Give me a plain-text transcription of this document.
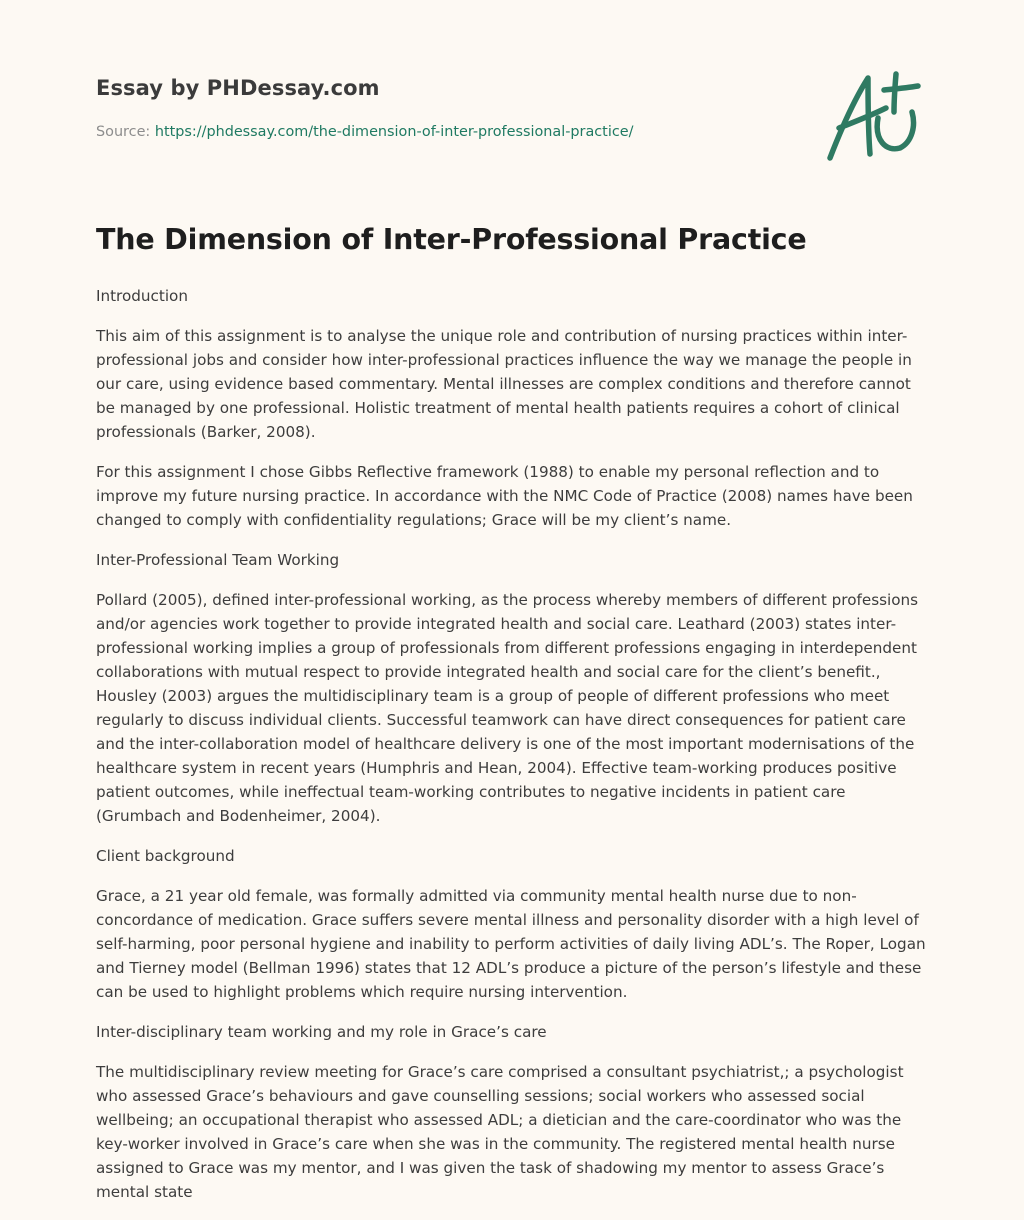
Essay by PHDessay.com
Source: https://phdessay.com/the-dimension-of-inter-professional-practice/
The Dimension of Inter-Professional Practice

Introduction

This aim of this assignment is to analyse the unique role and contribution of nursing practices within inter-professional jobs and consider how inter-professional practices influence the way we manage the people in our care, using evidence based commentary. Mental illnesses are complex conditions and therefore cannot be managed by one professional. Holistic treatment of mental health patients requires a cohort of clinical professionals (Barker, 2008).

For this assignment I chose Gibbs Reflective framework (1988) to enable my personal reflection and to improve my future nursing practice. In accordance with the NMC Code of Practice (2008) names have been changed to comply with confidentiality regulations; Grace will be my client’s name.

Inter-Professional Team Working

Pollard (2005), defined inter-professional working, as the process whereby members of different professions and/or agencies work together to provide integrated health and social care. Leathard (2003) states inter-professional working implies a group of professionals from different professions engaging in interdependent collaborations with mutual respect to provide integrated health and social care for the client’s benefit., Housley (2003) argues the multidisciplinary team is a group of people of different professions who meet regularly to discuss individual clients. Successful teamwork can have direct consequences for patient care and the inter-collaboration model of healthcare delivery is one of the most important modernisations of the healthcare system in recent years (Humphris and Hean, 2004). Effective team-working produces positive patient outcomes, while ineffectual team-working contributes to negative incidents in patient care (Grumbach and Bodenheimer, 2004).

Client background

Grace, a 21 year old female, was formally admitted via community mental health nurse due to non-concordance of medication. Grace suffers severe mental illness and personality disorder with a high level of self-harming, poor personal hygiene and inability to perform activities of daily living ADL’s. The Roper, Logan and Tierney model (Bellman 1996) states that 12 ADL’s produce a picture of the person’s lifestyle and these can be used to highlight problems which require nursing intervention.

Inter-disciplinary team working and my role in Grace’s care

The multidisciplinary review meeting for Grace’s care comprised a consultant psychiatrist,; a psychologist who assessed Grace’s behaviours and gave counselling sessions; social workers who assessed social wellbeing; an occupational therapist who assessed ADL; a dietician and the care-coordinator who was the key-worker involved in Grace’s care when she was in the community. The registered mental health nurse assigned to Grace was my mentor, and I was given the task of shadowing my mentor to assess Grace’s mental state
